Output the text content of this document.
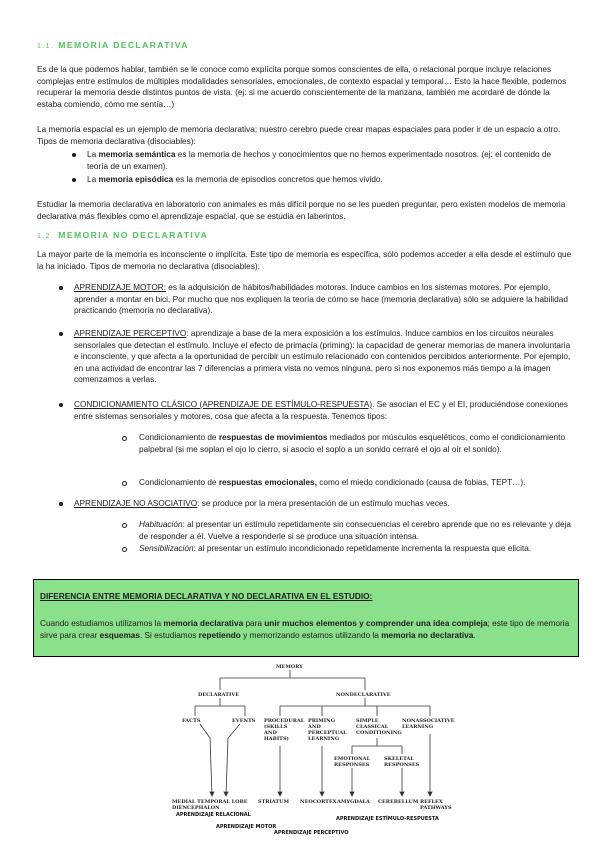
1.1. MEMORIA DECLARATIVA
Es de la que podemos hablar, también se le conoce como explícita porque somos conscientes de ella, o relacional porque incluye relaciones complejas entre estímulos de múltiples modalidades sensoriales, emocionales, de contexto espacial y temporal… Esto la hace flexible, podemos recuperar la memoria desde distintos puntos de vista. (ej: si me acuerdo conscientemente de la manzana, también me acordaré de dónde la estaba comiendo, cómo me sentía…)
La memoria espacial es un ejemplo de memoria declarativa; nuestro cerebro puede crear mapas espaciales para poder ir de un espacio a otro. Tipos de memoria declarativa (disociables):
La memoria semántica es la memoria de hechos y conocimientos que no hemos experimentado nosotros. (ej: el contenido de teoría de un examen).
La memoria episódica es la memoria de episodios concretos que hemos vivido.
Estudiar la memoria declarativa en laboratorio con animales es más difícil porque no se les pueden preguntar, pero existen modelos de memoria declarativa más flexibles como el aprendizaje espacial, que se estudia en laberintos.
1.2. MEMORIA NO DECLARATIVA
La mayor parte de la memoria es inconsciente o implícita. Este tipo de memoria es específica, sólo podemos acceder a ella desde el estímulo que la ha iniciado. Tipos de memoria no declarativa (disociables):
APRENDIZAJE MOTOR: es la adquisición de hábitos/habilidades motoras. Induce cambios en los sistemas motores. Por ejemplo, aprender a montar en bici. Por mucho que nos expliquen la teoría de cómo se hace (memoria declarativa) sólo se adquiere la habilidad practicando (memoria no declarativa).
APRENDIZAJE PERCEPTIVO: aprendizaje a base de la mera exposición a los estímulos. Induce cambios en los circuitos neurales sensoriales que detectan el estímulo. Incluye el efecto de primacía (priming): la capacidad de generar memorias de manera involuntaria e inconsciente, y que afecta a la oportunidad de percibir un estímulo relacionado con contenidos percibidos anteriormente. Por ejemplo, en una actividad de encontrar las 7 diferencias a primera vista no vemos ninguna, pero si nos exponemos más tiempo a la imagen comenzamos a verlas.
CONDICIONAMIENTO CLÁSICO (APRENDIZAJE DE ESTÍMULO-RESPUESTA). Se asocian el EC y el EI, produciéndose conexiones entre sistemas sensoriales y motores, cosa que afecta a la respuesta. Tenemos tipos:
Condicionamiento de respuestas de movimientos mediados por músculos esqueléticos, como el condicionamiento palpebral (si me soplan el ojo lo cierro, si asocio el soplo a un sonido cerraré el ojo al oír el sonido).
Condicionamiento de respuestas emocionales, como el miedo condicionado (causa de fobias, TEPT…).
APRENDIZAJE NO ASOCIATIVO: se produce por la mera presentación de un estímulo muchas veces.
Habituación: al presentar un estímulo repetidamente sin consecuencias el cerebro aprende que no es relevante y deja de responder a él. Vuelve a responderle si se produce una situación intensa.
Sensibilización: al presentar un estímulo incondicionado repetidamente incrementa la respuesta que elicita.
DIFERENCIA ENTRE MEMORIA DECLARATIVA Y NO DECLARATIVA EN EL ESTUDIO:
Cuando estudiamos utilizamos la memoria declarativa para unir muchos elementos y comprender una idea compleja; este tipo de memoria sirve para crear esquemas. Si estudiamos repetiendo y memorizando estamos utilizando la memoria no declarativa.
MEMORY
DECLARATIVE	NONDECLARATIVE
FACTS	EVENTS PROCEDURAL
(SKILLS
AND
HABITS)
PRIMING
AND
PERCEPTUAL
LEARNING
SIMPLE
CLASSICAL
CONDITIONING
NONASSOCIATIVE
LEARNING
EMOTIONAL
RESPONSES
SKELETAL
RESPONSES
MEDIAL TEMPORAL LOBE
DIENCEPHALON
STRIATUM NEOCORTEX AMYGDALA CEREBELLUM REFLEX
PATHWAYS
APRENDIZAJE RELACIONAL
APRENDIZAJE ESTÍMULO-RESPUESTA
APRENDIZAJE MOTOR
APRENDIZAJE PERCEPTIVO
